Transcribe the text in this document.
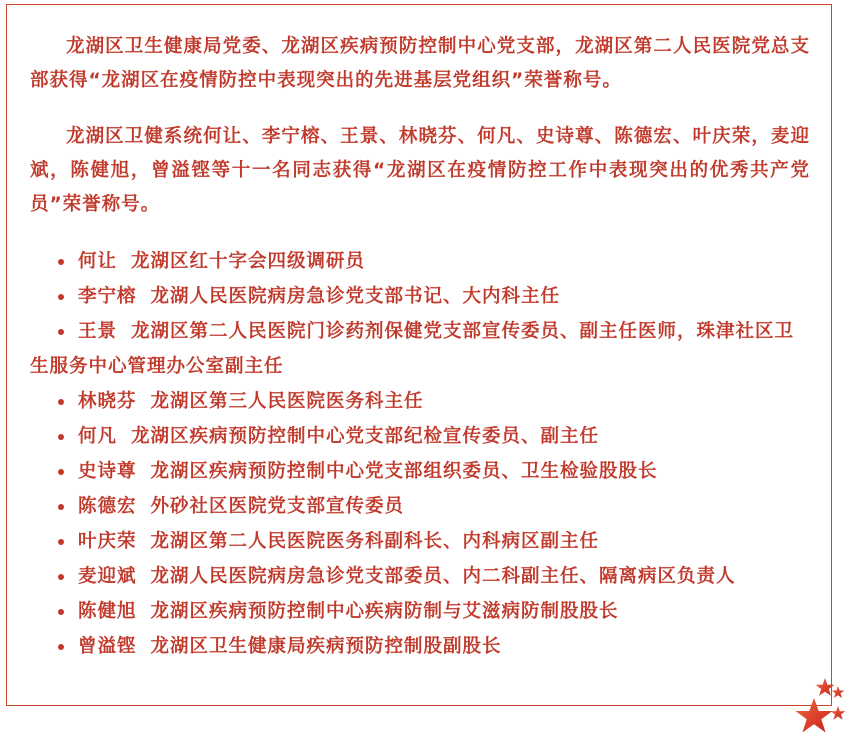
龙湖区卫生健康局党委、龙湖区疾病预防控制中心党支部，龙湖区第二人民医院党总支部获得“龙湖区在疫情防控中表现突出的先进基层党组织”荣誉称号。

龙湖区卫健系统何让、李宁榕、王景、林晓芬、何凡、史诗尊、陈德宏、叶庆荣，麦迎斌，陈健旭，曾溢铿等十一名同志获得“龙湖区在疫情防控工作中表现突出的优秀共产党员”荣誉称号。

何让 龙湖区红十字会四级调研员
李宁榕 龙湖人民医院病房急诊党支部书记、大内科主任
王景 龙湖区第二人民医院门诊药剂保健党支部宣传委员、副主任医师，珠津社区卫生服务中心管理办公室副主任
林晓芬 龙湖区第三人民医院医务科主任
何凡 龙湖区疾病预防控制中心党支部纪检宣传委员、副主任
史诗尊 龙湖区疾病预防控制中心党支部组织委员、卫生检验股股长
陈德宏 外砂社区医院党支部宣传委员
叶庆荣 龙湖区第二人民医院医务科副科长、内科病区副主任
麦迎斌 龙湖人民医院病房急诊党支部委员、内二科副主任、隔离病区负责人
陈健旭 龙湖区疾病预防控制中心疾病防制与艾滋病防制股股长
曾溢铿 龙湖区卫生健康局疾病预防控制股副股长
